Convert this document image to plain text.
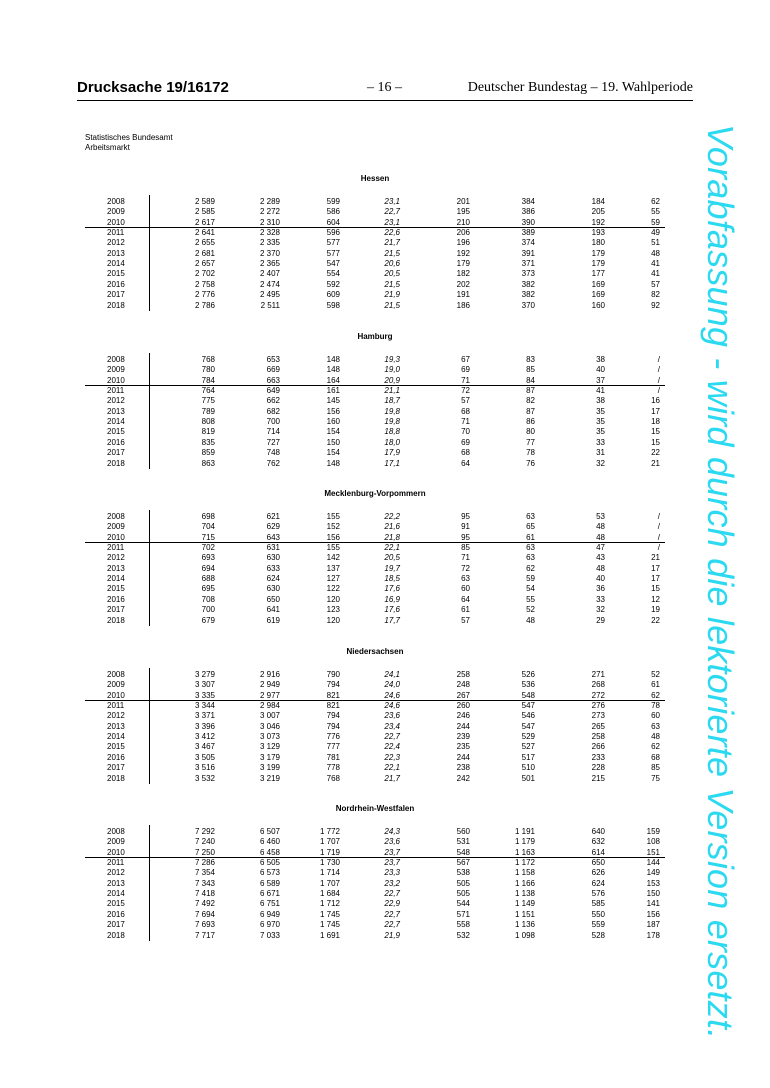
Drucksache 19/16172	– 16 –	Deutscher Bundestag – 19. Wahlperiode
Statistisches Bundesamt
Arbeitsmarkt
Hessen
2008	2 589	2 289	599	23,1	201	384	184	62
2009	2 585	2 272	586	22,7	195	386	205	55
2010	2 617	2 310	604	23,1	210	390	192	59
2011	2 641	2 328	596	22,6	206	389	193	49
2012	2 655	2 335	577	21,7	196	374	180	51
2013	2 681	2 370	577	21,5	192	391	179	48
2014	2 657	2 365	547	20,6	179	371	179	41
2015	2 702	2 407	554	20,5	182	373	177	41
2016	2 758	2 474	592	21,5	202	382	169	57
2017	2 776	2 495	609	21,9	191	382	169	82
2018	2 786	2 511	598	21,5	186	370	160	92
Hamburg
2008	768	653	148	19,3	67	83	38	/
2009	780	669	148	19,0	69	85	40	/
2010	784	663	164	20,9	71	84	37	/
2011	764	649	161	21,1	72	87	41	/
2012	775	662	145	18,7	57	82	38	16
2013	789	682	156	19,8	68	87	35	17
2014	808	700	160	19,8	71	86	35	18
2015	819	714	154	18,8	70	80	35	15
2016	835	727	150	18,0	69	77	33	15
2017	859	748	154	17,9	68	78	31	22
2018	863	762	148	17,1	64	76	32	21
Mecklenburg-Vorpommern
2008	698	621	155	22,2	95	63	53	/
2009	704	629	152	21,6	91	65	48	/
2010	715	643	156	21,8	95	61	48	/
2011	702	631	155	22,1	85	63	47	/
2012	693	630	142	20,5	71	63	43	21
2013	694	633	137	19,7	72	62	48	17
2014	688	624	127	18,5	63	59	40	17
2015	695	630	122	17,6	60	54	36	15
2016	708	650	120	16,9	64	55	33	12
2017	700	641	123	17,6	61	52	32	19
2018	679	619	120	17,7	57	48	29	22
Niedersachsen
2008	3 279	2 916	790	24,1	258	526	271	52
2009	3 307	2 949	794	24,0	248	536	268	61
2010	3 335	2 977	821	24,6	267	548	272	62
2011	3 344	2 984	821	24,6	260	547	276	78
2012	3 371	3 007	794	23,6	246	546	273	60
2013	3 396	3 046	794	23,4	244	547	265	63
2014	3 412	3 073	776	22,7	239	529	258	48
2015	3 467	3 129	777	22,4	235	527	266	62
2016	3 505	3 179	781	22,3	244	517	233	68
2017	3 516	3 199	778	22,1	238	510	228	85
2018	3 532	3 219	768	21,7	242	501	215	75
Nordrhein-Westfalen
2008	7 292	6 507	1 772	24,3	560	1 191	640	159
2009	7 240	6 460	1 707	23,6	531	1 179	632	108
2010	7 250	6 458	1 719	23,7	548	1 163	614	151
2011	7 286	6 505	1 730	23,7	567	1 172	650	144
2012	7 354	6 573	1 714	23,3	538	1 158	626	149
2013	7 343	6 589	1 707	23,2	505	1 166	624	153
2014	7 418	6 671	1 684	22,7	505	1 138	576	150
2015	7 492	6 751	1 712	22,9	544	1 149	585	141
2016	7 694	6 949	1 745	22,7	571	1 151	550	156
2017	7 693	6 970	1 745	22,7	558	1 136	559	187
2018	7 717	7 033	1 691	21,9	532	1 098	528	178 Vorabfassung - wird durch die lektorierte Version ersetzt.
